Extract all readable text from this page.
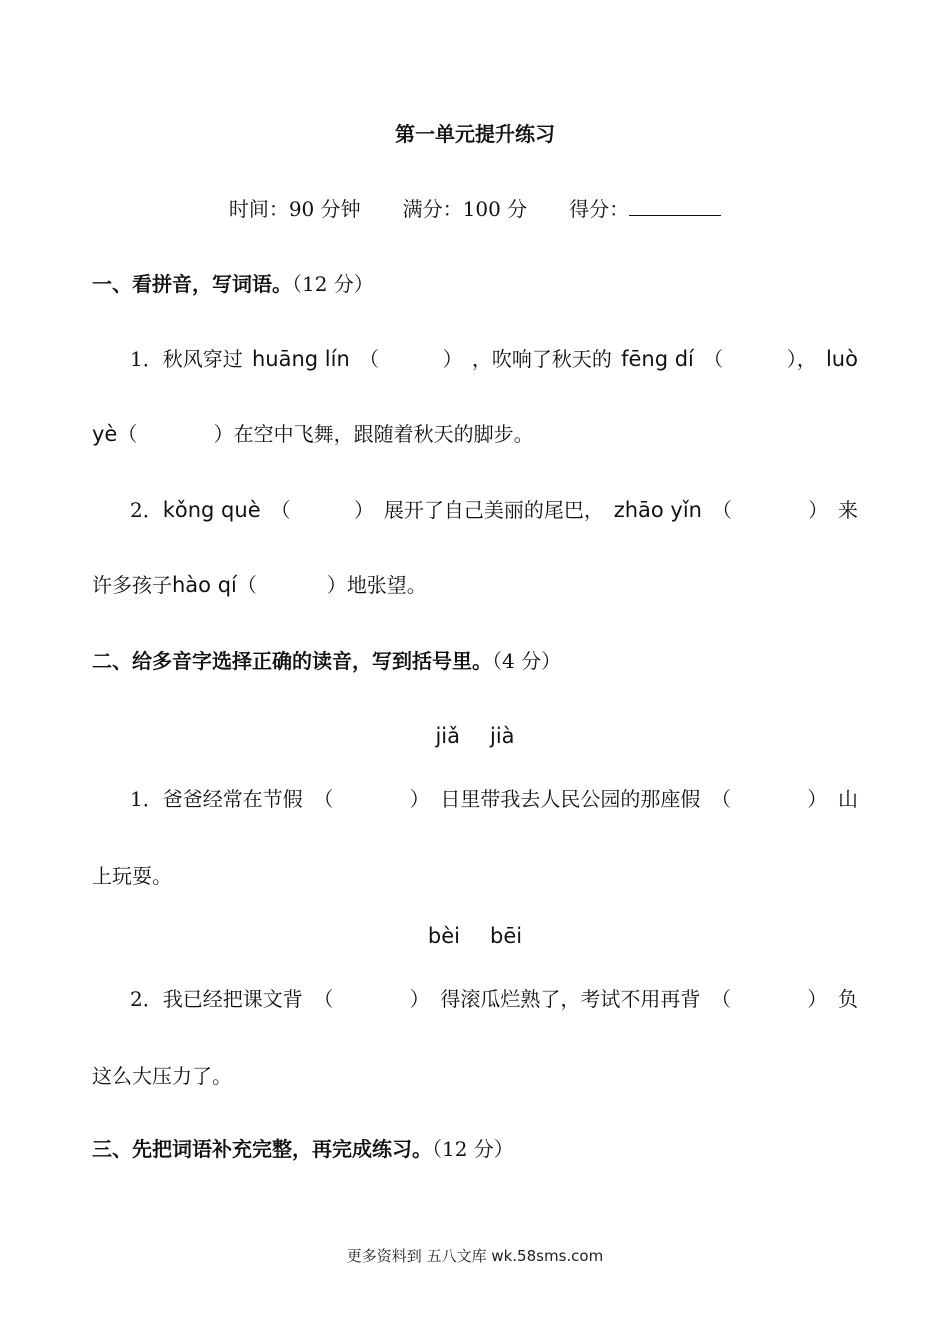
第一单元提升练习
时间：90 分钟 满分：100 分 得分：
一、看拼音，写词语。（12 分）
1．秋风穿过 huāng lín （          ） ，吹响了秋天的 fēng dí （          ）， luò
yè（            ）在空中飞舞，跟随着秋天的脚步。
2．kǒng què （          ） 展开了自己美丽的尾巴， zhāo yǐn （            ） 来
许多孩子hào qí（           ）地张望。
二、给多音字选择正确的读音，写到括号里。（4 分）
jiǎ jià
1．爸爸经常在节假 （            ） 日里带我去人民公园的那座假 （            ） 山
上玩耍。
bèi bēi
2．我已经把课文背 （            ） 得滚瓜烂熟了，考试不用再背 （            ） 负
这么大压力了。
三、先把词语补充完整，再完成练习。（12 分）
更多资料到 五八文库 wk.58sms.com
